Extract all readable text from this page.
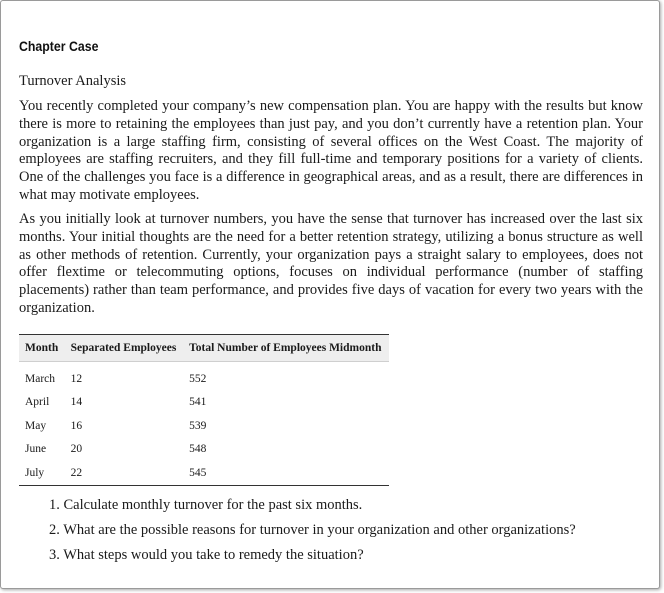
Chapter Case
Turnover Analysis

You recently completed your company’s new compensation plan. You are happy with the results but know there is more to retaining the employees than just pay, and you don’t currently have a retention plan. Your organization is a large staffing firm, consisting of several offices on the West Coast. The majority of employees are staffing recruiters, and they fill full-time and temporary positions for a variety of clients. One of the challenges you face is a difference in geographical areas, and as a result, there are differences in what may motivate employees.

As you initially look at turnover numbers, you have the sense that turnover has increased over the last six months. Your initial thoughts are the need for a better retention strategy, utilizing a bonus structure as well as other methods of retention. Currently, your organization pays a straight salary to employees, does not offer flextime or telecommuting options, focuses on individual performance (number of staffing placements) rather than team performance, and provides five days of vacation for every two years with the organization.

Month	Separated Employees	Total Number of Employees Midmonth
March	12	552
April	14	541
May	16	539
June	20	548
July	22	545
1. Calculate monthly turnover for the past six months.
2. What are the possible reasons for turnover in your organization and other organizations?
3. What steps would you take to remedy the situation?
